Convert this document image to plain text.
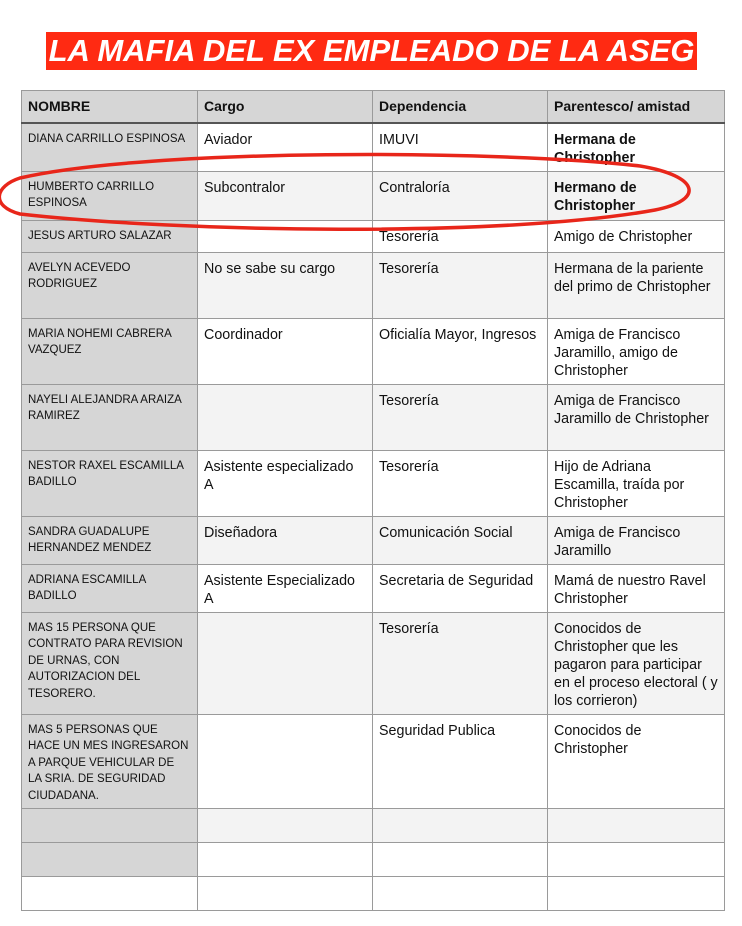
LA MAFIA DEL EX EMPLEADO DE LA ASEG
NOMBRE	Cargo	Dependencia	Parentesco/ amistad
DIANA CARRILLO ESPINOSA	Aviador	IMUVI	Hermana de Christopher
HUMBERTO CARRILLO ESPINOSA	Subcontralor	Contraloría	Hermano de Christopher
JESUS ARTURO SALAZAR		Tesorería	Amigo de Christopher
AVELYN ACEVEDO RODRIGUEZ	No se sabe su cargo	Tesorería	Hermana de la pariente del primo de Christopher
MARIA NOHEMI CABRERA VAZQUEZ	Coordinador	Oficialía Mayor, Ingresos	Amiga de Francisco Jaramillo, amigo de Christopher
NAYELI ALEJANDRA ARAIZA RAMIREZ		Tesorería	Amiga de Francisco Jaramillo de Christopher
NESTOR RAXEL ESCAMILLA BADILLO	Asistente especializado A	Tesorería	Hijo de Adriana Escamilla, traída por Christopher
SANDRA GUADALUPE HERNANDEZ MENDEZ	Diseñadora	Comunicación Social	Amiga de Francisco Jaramillo
ADRIANA ESCAMILLA BADILLO	Asistente Especializado A	Secretaria de Seguridad	Mamá de nuestro Ravel Christopher
MAS 15 PERSONA QUE CONTRATO PARA REVISION DE URNAS, CON AUTORIZACION DEL TESORERO.		Tesorería	Conocidos de Christopher que les pagaron para participar en el proceso electoral ( y los corrieron)
MAS 5 PERSONAS QUE HACE UN MES INGRESARON A PARQUE VEHICULAR DE LA SRIA. DE SEGURIDAD CIUDADANA.		Seguridad Publica	Conocidos de Christopher
